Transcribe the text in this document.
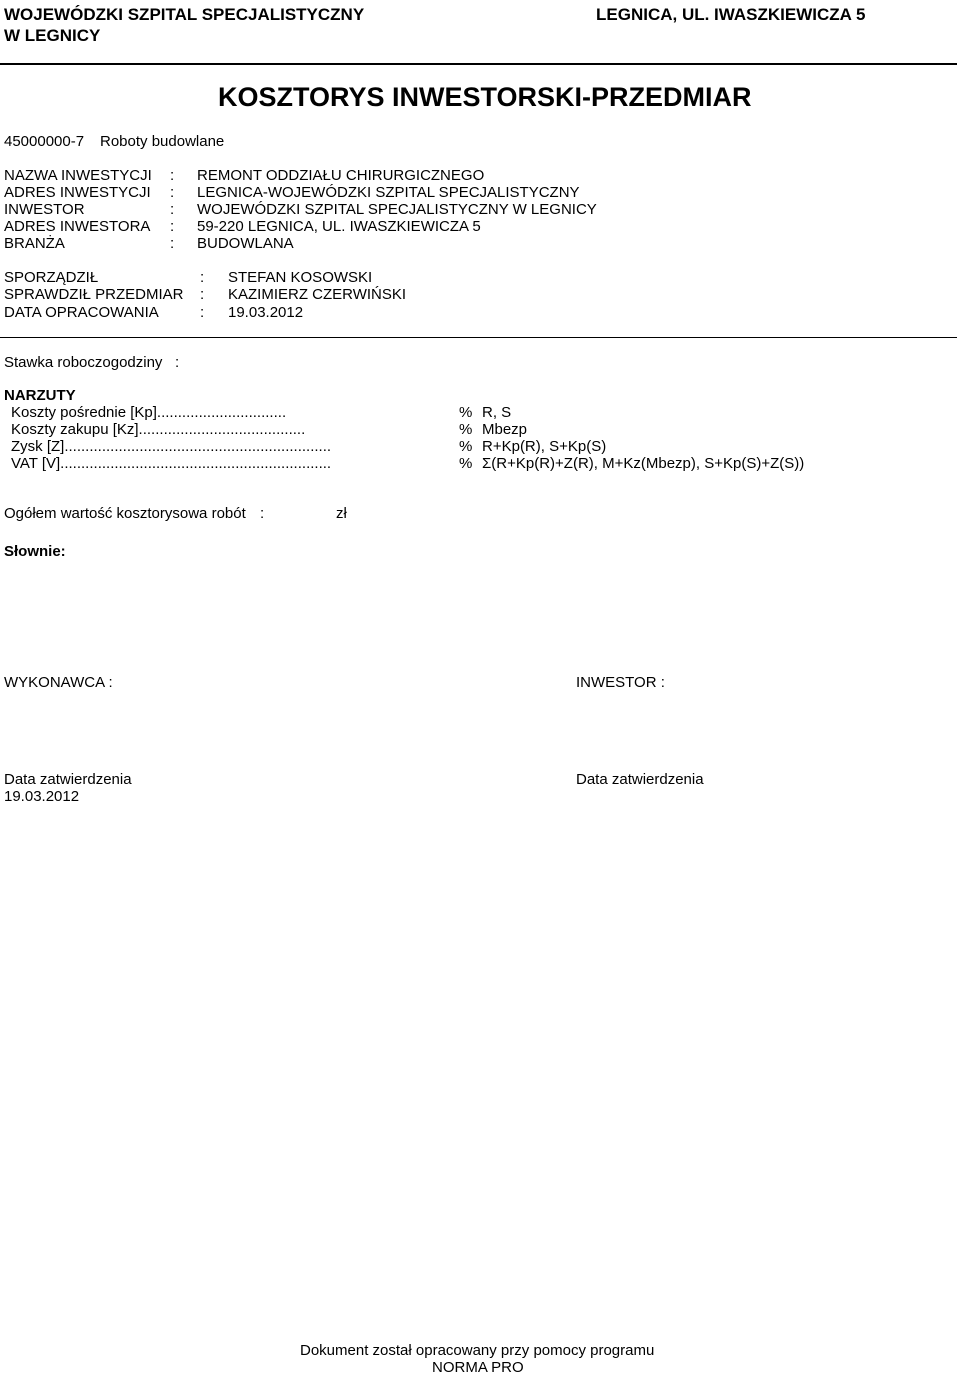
WOJEWÓDZKI SZPITAL SPECJALISTYCZNY
W LEGNICY
LEGNICA, UL. IWASZKIEWICZA 5
KOSZTORYS INWESTORSKI-PRZEDMIAR
45000000-7 Roboty budowlane
NAZWA INWESTYCJI : REMONT ODDZIAŁU CHIRURGICZNEGO
ADRES INWESTYCJI : LEGNICA-WOJEWÓDZKI SZPITAL SPECJALISTYCZNY
INWESTOR	: WOJEWÓDZKI SZPITAL SPECJALISTYCZNY W LEGNICY
ADRES INWESTORA : 59-220 LEGNICA, UL. IWASZKIEWICZA 5
BRANŻA	: BUDOWLANA
SPORZĄDZIŁ	: STEFAN KOSOWSKI
SPRAWDZIŁ PRZEDMIAR : KAZIMIERZ CZERWIŃSKI
DATA OPRACOWANIA	: 19.03.2012
Stawka roboczogodziny :
NARZUTY
Koszty pośrednie [Kp]...............................	% R, S
Koszty zakupu [Kz]........................................	% Mbezp
Zysk [Z]................................................................	% R+Kp(R), S+Kp(S)
VAT [V].................................................................	% Σ(R+Kp(R)+Z(R), M+Kz(Mbezp), S+Kp(S)+Z(S))
Ogółem wartość kosztorysowa robót :	zł
Słownie:
WYKONAWCA :	INWESTOR :
Data zatwierdzenia
19.03.2012
Data zatwierdzenia
Dokument został opracowany przy pomocy programu
NORMA PRO
